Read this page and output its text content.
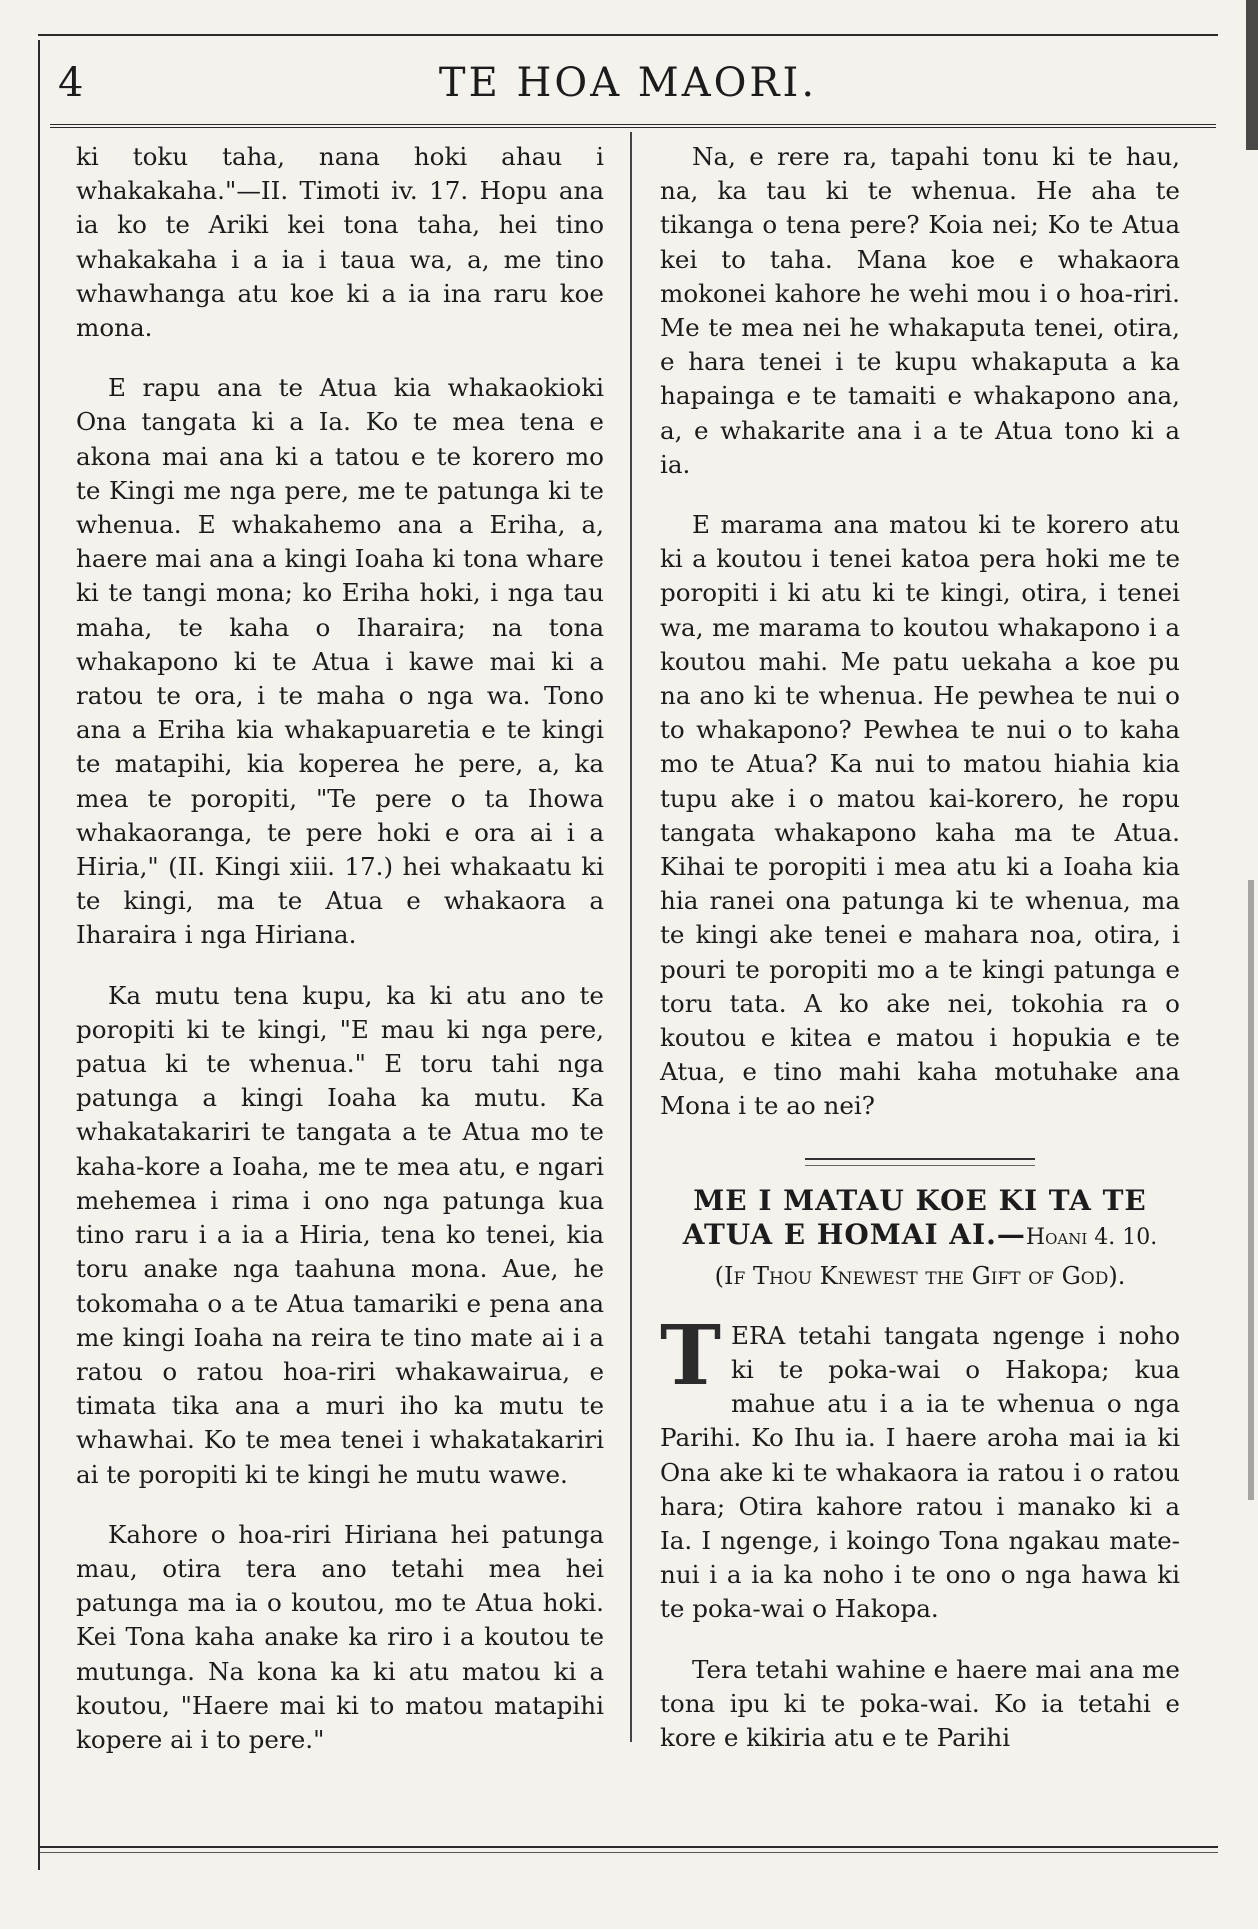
4	TE HOA MAORI.

ki toku taha, nana hoki ahau i whakakaha."—II. Timoti iv. 17. Hopu ana ia ko te Ariki kei tona taha, hei tino whakakaha i a ia i taua wa, a, me tino whawhanga atu koe ki a ia ina raru koe mona.

E rapu ana te Atua kia whakaokioki Ona tangata ki a Ia. Ko te mea tena e akona mai ana ki a tatou e te korero mo te Kingi me nga pere, me te patunga ki te whenua. E whakahemo ana a Eriha, a, haere mai ana a kingi Ioaha ki tona whare ki te tangi mona; ko Eriha hoki, i nga tau maha, te kaha o Iharaira; na tona whakapono ki te Atua i kawe mai ki a ratou te ora, i te maha o nga wa. Tono ana a Eriha kia whakapuaretia e te kingi te matapihi, kia koperea he pere, a, ka mea te poropiti, "Te pere o ta Ihowa whakaoranga, te pere hoki e ora ai i a Hiria," (II. Kingi xiii. 17.) hei whakaatu ki te kingi, ma te Atua e whakaora a Iharaira i nga Hiriana.

Ka mutu tena kupu, ka ki atu ano te poropiti ki te kingi, "E mau ki nga pere, patua ki te whenua." E toru tahi nga patunga a kingi Ioaha ka mutu. Ka whakatakariri te tangata a te Atua mo te kaha-kore a Ioaha, me te mea atu, e ngari mehemea i rima i ono nga patunga kua tino raru i a ia a Hiria, tena ko tenei, kia toru anake nga taahuna mona. Aue, he tokomaha o a te Atua tamariki e pena ana me kingi Ioaha na reira te tino mate ai i a ratou o ratou hoa-riri whakawairua, e timata tika ana a muri iho ka mutu te whawhai. Ko te mea tenei i whakatakariri ai te poropiti ki te kingi he mutu wawe.

Kahore o hoa-riri Hiriana hei patunga mau, otira tera ano tetahi mea hei patunga ma ia o koutou, mo te Atua hoki. Kei Tona kaha anake ka riro i a koutou te mutunga. Na kona ka ki atu matou ki a koutou, "Haere mai ki to matou matapihi kopere ai i to pere."

Na, e rere ra, tapahi tonu ki te hau, na, ka tau ki te whenua. He aha te tikanga o tena pere? Koia nei; Ko te Atua kei to taha. Mana koe e whakaora mokonei kahore he wehi mou i o hoa-riri. Me te mea nei he whakaputa tenei, otira, e hara tenei i te kupu whakaputa a ka hapainga e te tamaiti e whakapono ana, a, e whakarite ana i a te Atua tono ki a ia.

E marama ana matou ki te korero atu ki a koutou i tenei katoa pera hoki me te poropiti i ki atu ki te kingi, otira, i tenei wa, me marama to koutou whakapono i a koutou mahi. Me patu uekaha a koe pu na ano ki te whenua. He pewhea te nui o to whakapono? Pewhea te nui o to kaha mo te Atua? Ka nui to matou hiahia kia tupu ake i o matou kai-korero, he ropu tangata whakapono kaha ma te Atua. Kihai te poropiti i mea atu ki a Ioaha kia hia ranei ona patunga ki te whenua, ma te kingi ake tenei e mahara noa, otira, i pouri te poropiti mo a te kingi patunga e toru tata. A ko ake nei, tokohia ra o koutou e kitea e matou i hopukia e te Atua, e tino mahi kaha motuhake ana Mona i te ao nei?

ME I MATAU KOE KI TA TE ATUA E HOMAI AI.—Hoani 4. 10.
(If Thou Knewest the Gift of God).

TERA tetahi tangata ngenge i noho ki te poka-wai o Hakopa; kua mahue atu i a ia te whenua o nga Parihi. Ko Ihu ia. I haere aroha mai ia ki Ona ake ki te whakaora ia ratou i o ratou hara; Otira kahore ratou i manako ki a Ia. I ngenge, i koingo Tona ngakau mate-nui i a ia ka noho i te ono o nga hawa ki te poka-wai o Hakopa.

Tera tetahi wahine e haere mai ana me tona ipu ki te poka-wai. Ko ia tetahi e kore e kikiria atu e te Parihi
